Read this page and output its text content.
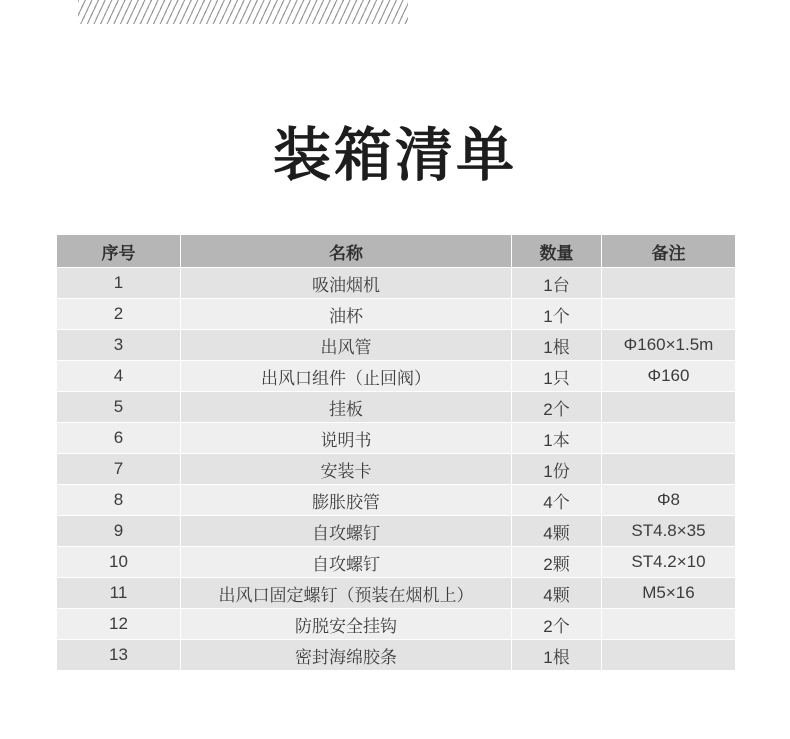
装箱清单
序号	名称	数量	备注
1	吸油烟机	1台	
2	油杯	1个	
3	出风管	1根	Φ160×1.5m
4	出风口组件（止回阀）	1只	Φ160
5	挂板	2个	
6	说明书	1本	
7	安装卡	1份	
8	膨胀胶管	4个	Φ8
9	自攻螺钉	4颗	ST4.8×35
10	自攻螺钉	2颗	ST4.2×10
11	出风口固定螺钉（预装在烟机上）	4颗	M5×16
12	防脱安全挂钩	2个	
13	密封海绵胶条	1根	
